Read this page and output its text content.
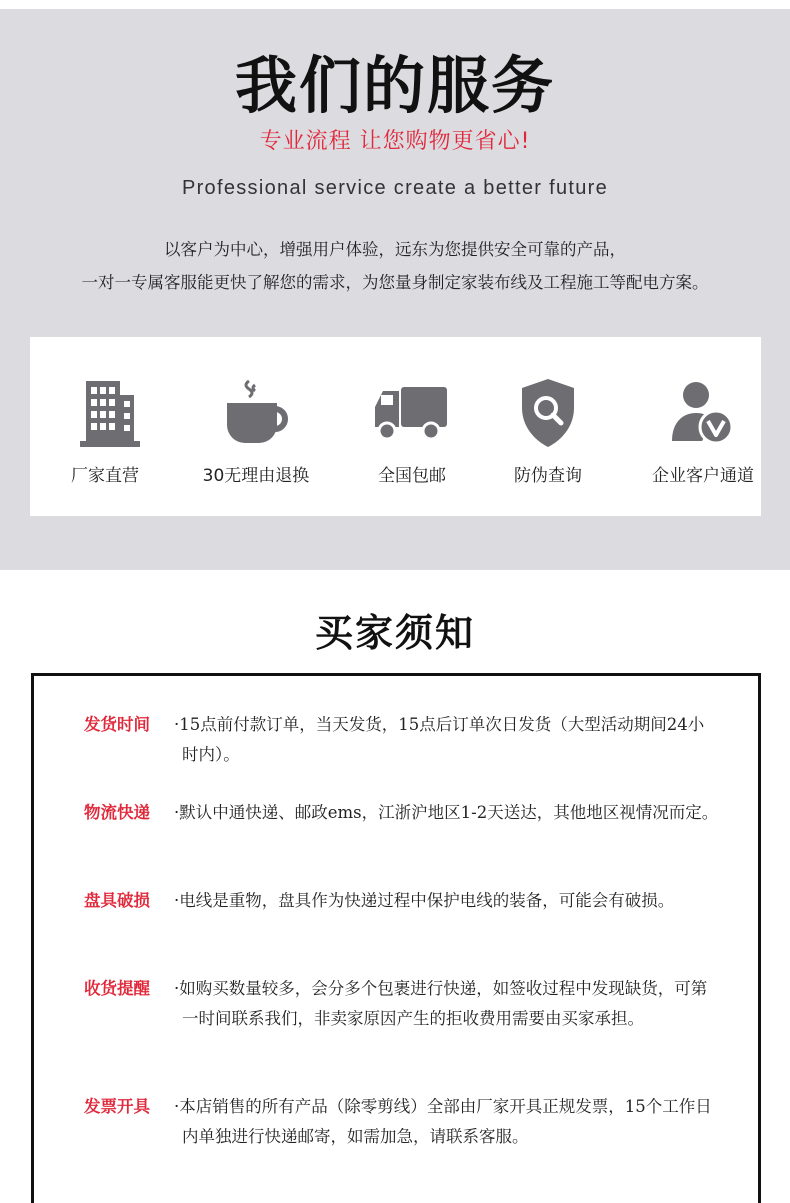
我们的服务
专业流程 让您购物更省心!
Professional service create a better future
以客户为中心，增强用户体验，远东为您提供安全可靠的产品，
一对一专属客服能更快了解您的需求，为您量身制定家装布线及工程施工等配电方案。
厂家直营	30无理由退换	全国包邮	防伪查询	企业客户通道
买家须知
发货时间	·15点前付款订单，当天发货，15点后订单次日发货（大型活动期间24小时内）。
物流快递	·默认中通快递、邮政ems，江浙沪地区1-2天送达，其他地区视情况而定。
盘具破损	·电线是重物，盘具作为快递过程中保护电线的装备，可能会有破损。
收货提醒	·如购买数量较多，会分多个包裹进行快递，如签收过程中发现缺货，可第一时间联系我们，非卖家原因产生的拒收费用需要由买家承担。
发票开具	·本店销售的所有产品（除零剪线）全部由厂家开具正规发票，15个工作日内单独进行快递邮寄，如需加急，请联系客服。
